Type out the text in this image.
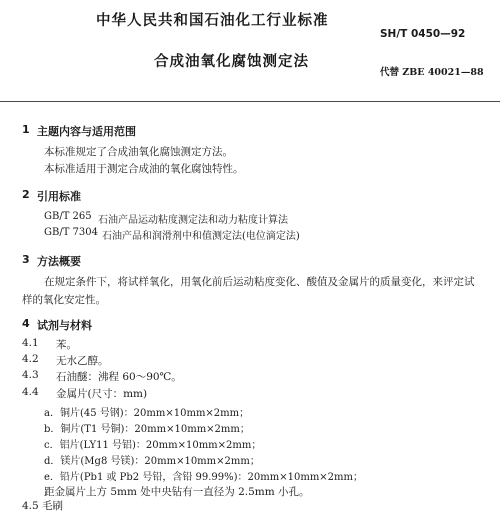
中华人民共和国石油化工行业标准
SH/T 0450—92
合成油氧化腐蚀测定法
代替 ZBE 40021—88
1 主题内容与适用范围
本标准规定了合成油氧化腐蚀测定方法。
本标准适用于测定合成油的氧化腐蚀特性。
2 引用标准
GB/T 265 石油产品运动粘度测定法和动力粘度计算法
GB/T 7304 石油产品和润滑剂中和值测定法(电位滴定法)
3 方法概要
在规定条件下，将试样氧化，用氧化前后运动粘度变化、酸值及金属片的质量变化，来评定试
样的氧化安定性。
4 试剂与材料
4.1 苯。
4.2 无水乙醇。
4.3 石油醚：沸程 60～90℃。
4.4 金属片(尺寸：mm)
a．铜片(45 号钢)：20mm×10mm×2mm；
b．铜片(T1 号铜)：20mm×10mm×2mm；
c．铝片(LY11 号铝)：20mm×10mm×2mm；
d．镁片(Mg8 号镁)：20mm×10mm×2mm；
e．铅片(Pb1 或 Pb2 号铅，含铅 99.99%)：20mm×10mm×2mm；
距金属片上方 5mm 处中央钻有一直径为 2.5mm 小孔。
4.5 毛刷
